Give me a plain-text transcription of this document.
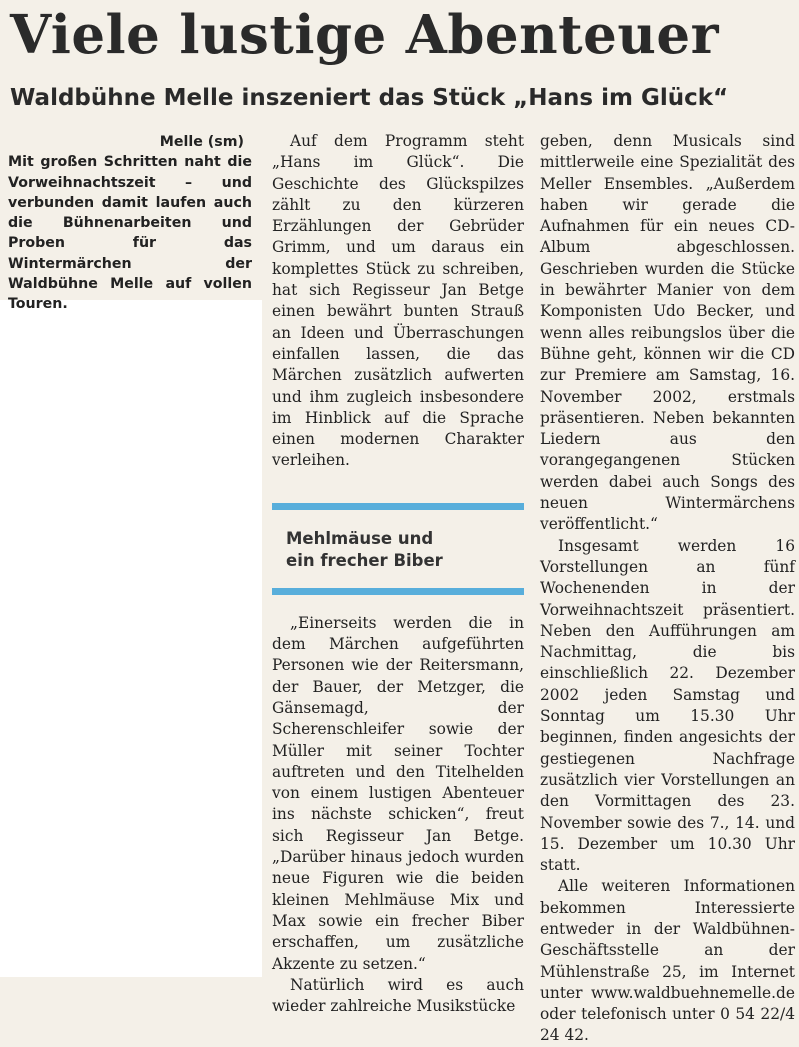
Viele lustige Abenteuer
Waldbühne Melle inszeniert das Stück „Hans im Glück“
Melle (sm)

Mit großen Schritten naht die Vorweihnachtszeit – und verbunden damit laufen auch die Bühnenarbeiten und Proben für das Wintermärchen der Waldbühne Melle auf vollen Touren.

Auf dem Programm steht „Hans im Glück“. Die Geschichte des Glückspilzes zählt zu den kürzeren Erzählungen der Gebrüder Grimm, und um daraus ein komplettes Stück zu schreiben, hat sich Regisseur Jan Betge einen bewährt bunten Strauß an Ideen und Überraschungen einfallen lassen, die das Märchen zusätzlich aufwerten und ihm zugleich insbesondere im Hinblick auf die Sprache einen modernen Charakter verleihen.

Mehlmäuse und
ein frecher Biber

„Einerseits werden die in dem Märchen aufgeführten Personen wie der Reitersmann, der Bauer, der Metzger, die Gänsemagd, der Scherenschleifer sowie der Müller mit seiner Tochter auftreten und den Titelhelden von einem lustigen Abenteuer ins nächste schicken“, freut sich Regisseur Jan Betge. „Darüber hinaus jedoch wurden neue Figuren wie die beiden kleinen Mehlmäuse Mix und Max sowie ein frecher Biber erschaffen, um zusätzliche Akzente zu setzen.“

Natürlich wird es auch wieder zahlreiche Musikstücke

geben, denn Musicals sind mittlerweile eine Spezialität des Meller Ensembles. „Außerdem haben wir gerade die Aufnahmen für ein neues CD-Album abgeschlossen. Geschrieben wurden die Stücke in bewährter Manier von dem Komponisten Udo Becker, und wenn alles reibungslos über die Bühne geht, können wir die CD zur Premiere am Samstag, 16. November 2002, erstmals präsentieren. Neben bekannten Liedern aus den vorangegangenen Stücken werden dabei auch Songs des neuen Wintermärchens veröffentlicht.“

Insgesamt werden 16 Vorstellungen an fünf Wochenenden in der Vorweihnachtszeit präsentiert. Neben den Aufführungen am Nachmittag, die bis einschließlich 22. Dezember 2002 jeden Samstag und Sonntag um 15.30 Uhr beginnen, finden angesichts der gestiegenen Nachfrage zusätzlich vier Vorstellungen an den Vormittagen des 23. November sowie des 7., 14. und 15. Dezember um 10.30 Uhr statt.

Alle weiteren Informationen bekommen Interessierte entweder in der Waldbühnen-Geschäftsstelle an der Mühlenstraße 25, im Internet unter www.waldbuehnemelle.de oder telefonisch unter 0 54 22/4 24 42.
